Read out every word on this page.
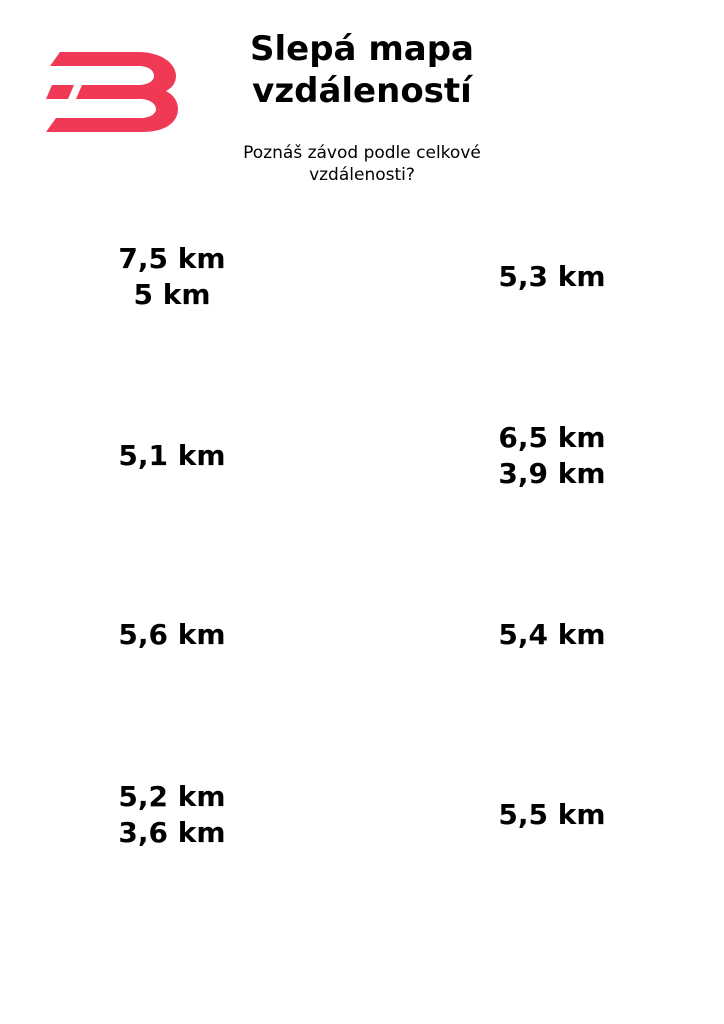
Slepá mapa
vzdáleností

Poznáš závod podle celkové
vzdálenosti?

7,5 km
5 km
5,3 km
5,1 km
6,5 km
3,9 km
5,6 km	5,4 km
5,2 km
3,6 km
5,5 km
